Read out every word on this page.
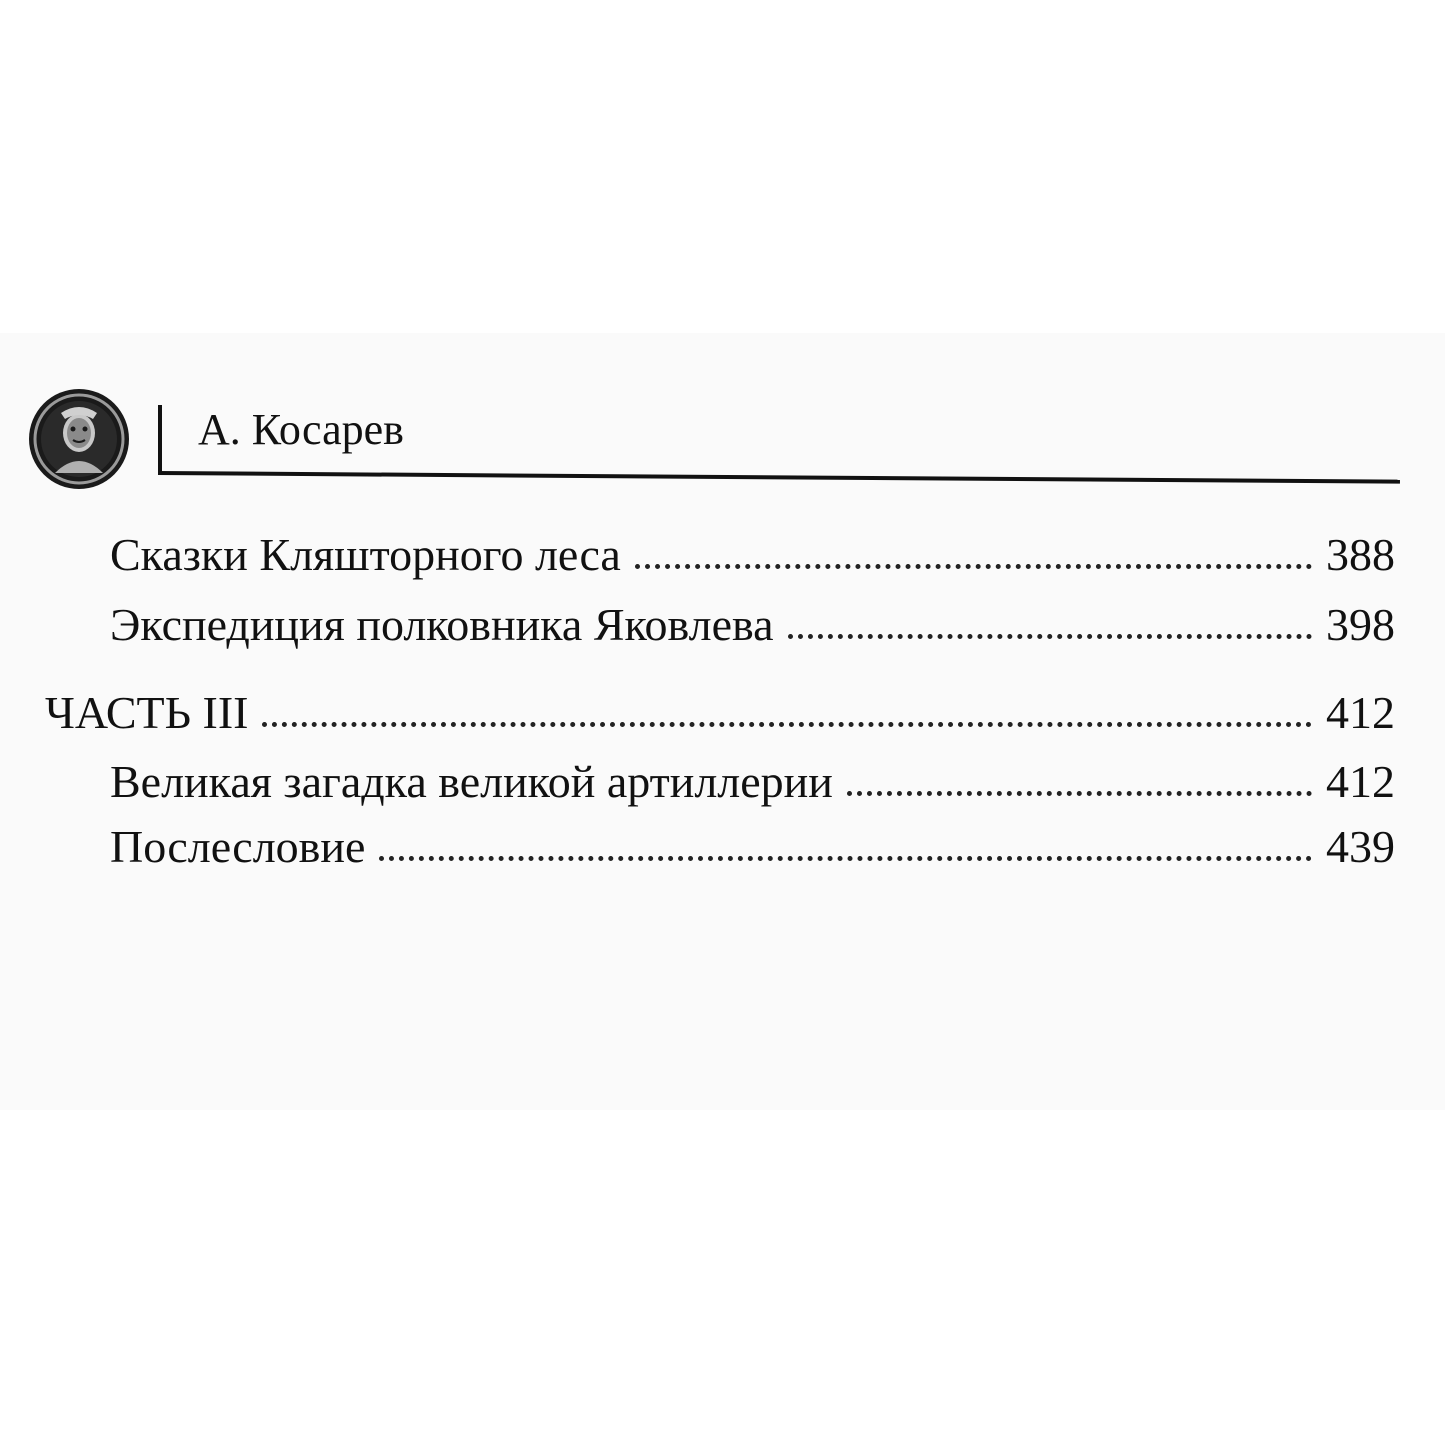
А. Косарев
Сказки Кляшторного леса	388
Экспедиция полковника Яковлева	398
ЧАСТЬ III	412
Великая загадка великой артиллерии	412
Послесловие	439
